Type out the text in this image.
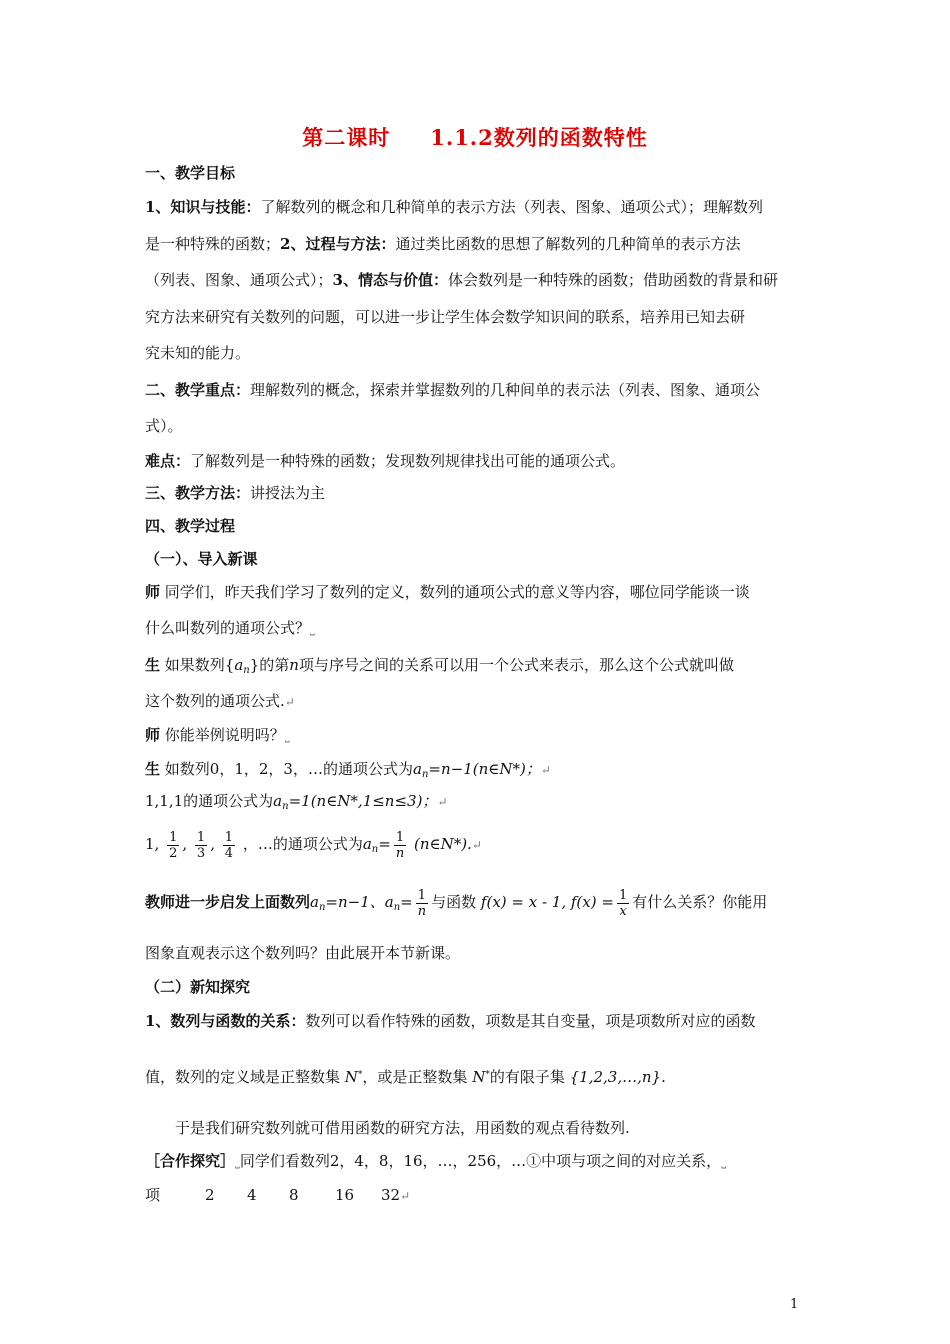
第二课时 1.1.2数列的函数特性
一、教学目标
1、知识与技能：了解数列的概念和几种简单的表示方法（列表、图象、通项公式）；理解数列
是一种特殊的函数；2、过程与方法：通过类比函数的思想了解数列的几种简单的表示方法
（列表、图象、通项公式）；3、情态与价值：体会数列是一种特殊的函数；借助函数的背景和研
究方法来研究有关数列的问题，可以进一步让学生体会数学知识间的联系，培养用已知去研
究未知的能力。
二、教学重点：理解数列的概念，探索并掌握数列的几种间单的表示法（列表、图象、通项公
式）。
难点：了解数列是一种特殊的函数；发现数列规律找出可能的通项公式。
三、教学方法：讲授法为主
四、教学过程
（一）、导入新课
师 同学们，昨天我们学习了数列的定义，数列的通项公式的意义等内容，哪位同学能谈一谈
什么叫数列的通项公式？⎵
生 如果数列$\{a_n\}$的第n项与序号之间的关系可以用一个公式来表示，那么这个公式就叫做
这个数列的通项公式.↵
师 你能举例说明吗？⎵
生 如数列0，1，2，3，…的通项公式为$a_n=n-1(n\in N*)$；↵
1,1,1的通项公式为$a_n=1(n\in N*,1\le n\le 3)$；↵
1, $\frac{1}{2}$ , $\frac{1}{3}$ , $\frac{1}{4}$ ，…的通项公式为$a_n= \frac{1}{n}$ (n∈N*).↵
教师进一步启发上面数列$a_n=n-1$、$a_n= \frac{1}{n}$ 与函数 f(x) = x - 1, $f(x) = \frac{1}{x}$ 有什么关系？你能用
图象直观表示这个数列吗？由此展开本节新课。
（二）新知探究
1、数列与函数的关系：数列可以看作特殊的函数，项数是其自变量，项是项数所对应的函数
值，数列的定义域是正整数集 N*，或是正整数集 N*的有限子集 {1,2,3,…,n}.
于是我们研究数列就可借用函数的研究方法，用函数的观点看待数列.
［合作探究］⎵同学们看数列2，4，8，16，…，256，…①中项与项之间的对应关系，⎵
项	2 4 8 16 32↵
1
